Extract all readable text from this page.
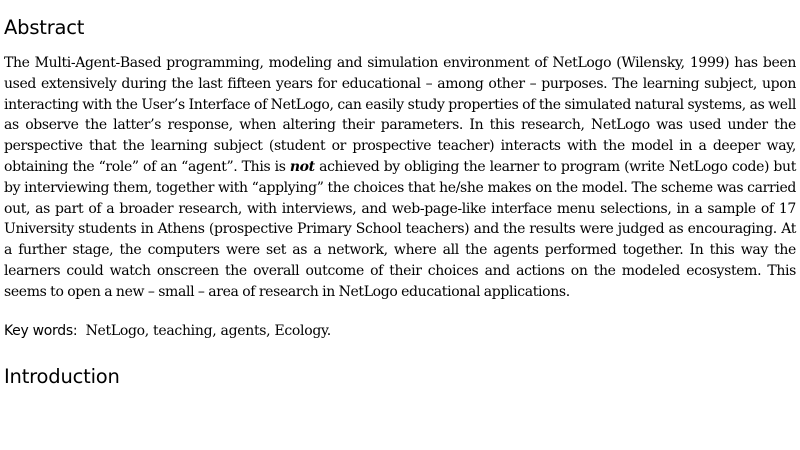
Abstract

The Multi-Agent-Based programming, modeling and simulation environment of NetLogo (Wilensky, 1999) has been used extensively during the last fifteen years for educational – among other – purposes. The learning subject, upon interacting with the User’s Interface of NetLogo, can easily study properties of the simulated natural systems, as well as observe the latter’s response, when altering their parameters. In this research, NetLogo was used under the perspective that the learning subject (student or prospective teacher) interacts with the model in a deeper way, obtaining the “role” of an “agent”. This is not achieved by obliging the learner to program (write NetLogo code) but by interviewing them, together with “applying” the choices that he/she makes on the model. The scheme was carried out, as part of a broader research, with interviews, and web-page-like interface menu selections, in a sample of 17 University students in Athens (prospective Primary School teachers) and the results were judged as encouraging. At a further stage, the computers were set as a network, where all the agents performed together. In this way the learners could watch onscreen the overall outcome of their choices and actions on the modeled ecosystem. This seems to open a new – small – area of research in NetLogo educational applications.

Key words: NetLogo, teaching, agents, Ecology.

Introduction
